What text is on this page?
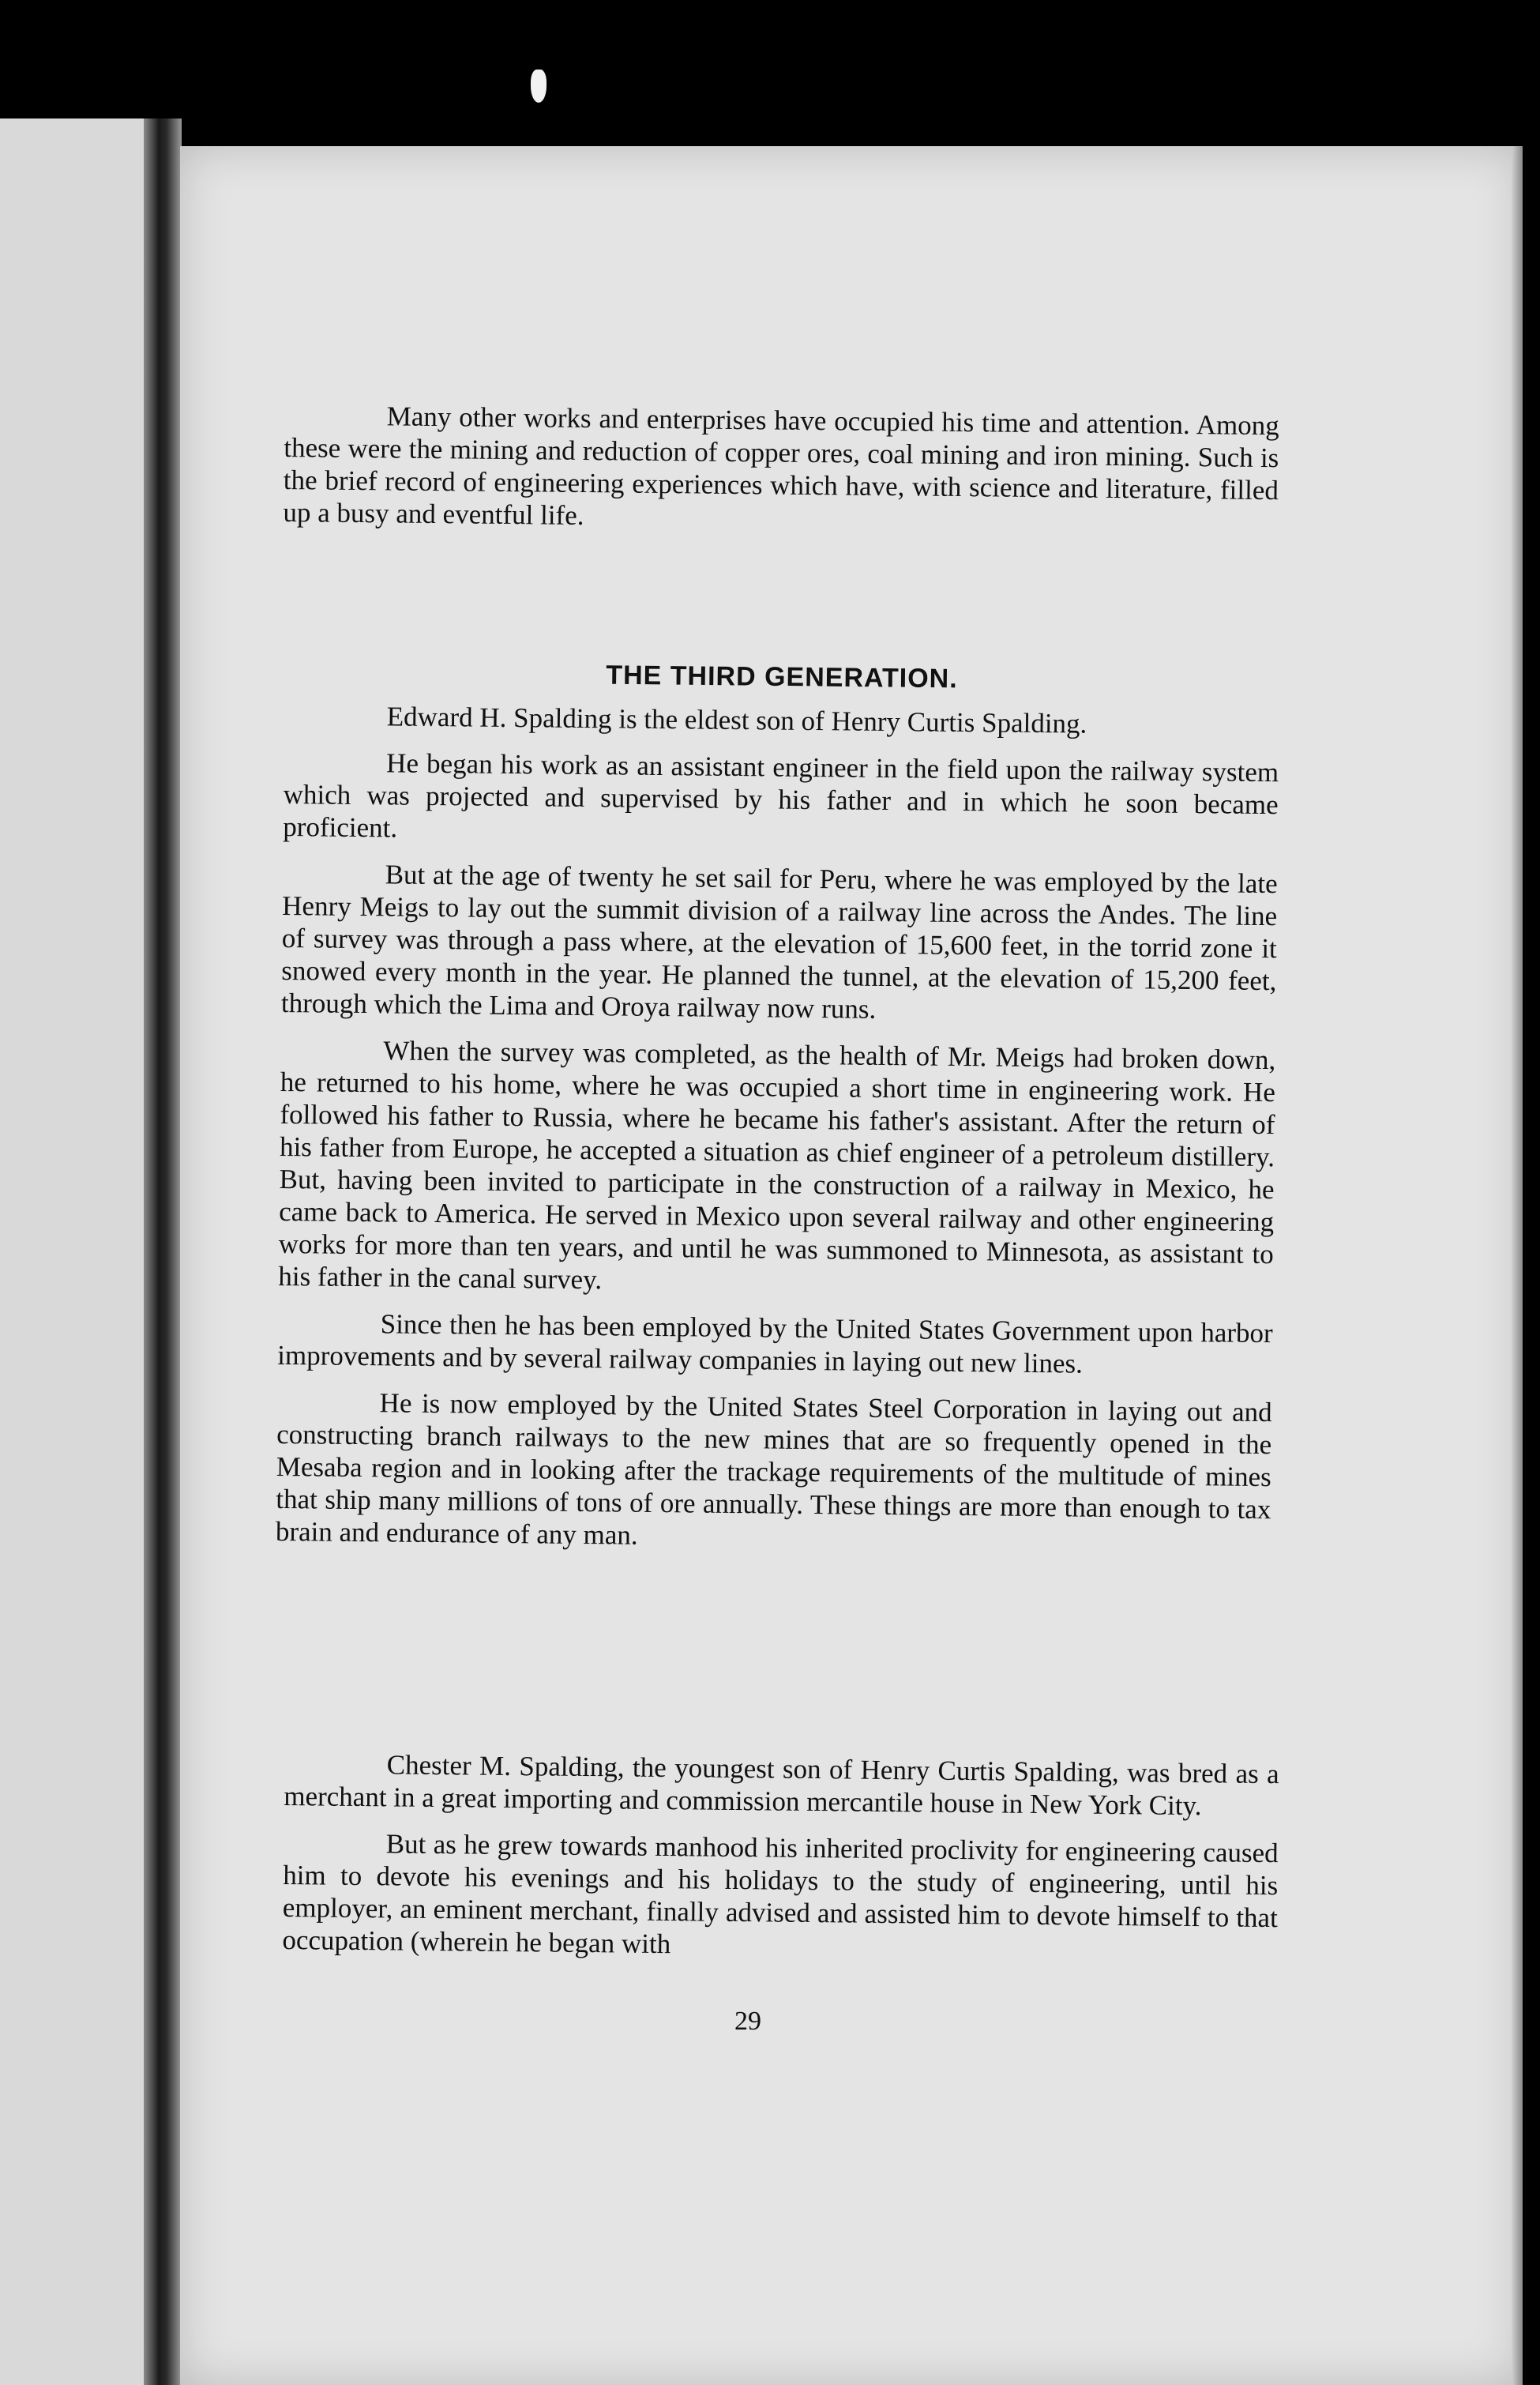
Many other works and enterprises have occupied his time and attention. Among these were the mining and reduction of copper ores, coal mining and iron mining. Such is the brief record of engineering experiences which have, with science and literature, filled up a busy and eventful life.

THE THIRD GENERATION.

Edward H. Spalding is the eldest son of Henry Curtis Spalding.

He began his work as an assistant engineer in the field upon the railway system which was projected and supervised by his father and in which he soon became proficient.

But at the age of twenty he set sail for Peru, where he was employed by the late Henry Meigs to lay out the summit division of a railway line across the Andes. The line of survey was through a pass where, at the elevation of 15,600 feet, in the torrid zone it snowed every month in the year. He planned the tunnel, at the elevation of 15,200 feet, through which the Lima and Oroya railway now runs.

When the survey was completed, as the health of Mr. Meigs had broken down, he returned to his home, where he was occupied a short time in engineering work. He followed his father to Russia, where he became his father's assistant. After the return of his father from Europe, he accepted a situation as chief engineer of a petroleum distillery. But, having been invited to participate in the construction of a railway in Mexico, he came back to America. He served in Mexico upon several railway and other engineering works for more than ten years, and until he was summoned to Minnesota, as assistant to his father in the canal survey.

Since then he has been employed by the United States Government upon harbor improvements and by several railway companies in laying out new lines.

He is now employed by the United States Steel Corporation in laying out and constructing branch railways to the new mines that are so frequently opened in the Mesaba region and in looking after the trackage requirements of the multitude of mines that ship many millions of tons of ore annually. These things are more than enough to tax brain and endurance of any man.

Chester M. Spalding, the youngest son of Henry Curtis Spalding, was bred as a merchant in a great importing and commission mercantile house in New York City.

But as he grew towards manhood his inherited proclivity for engineering caused him to devote his evenings and his holidays to the study of engineering, until his employer, an eminent merchant, finally advised and assisted him to devote himself to that occupation (wherein he began with

29
